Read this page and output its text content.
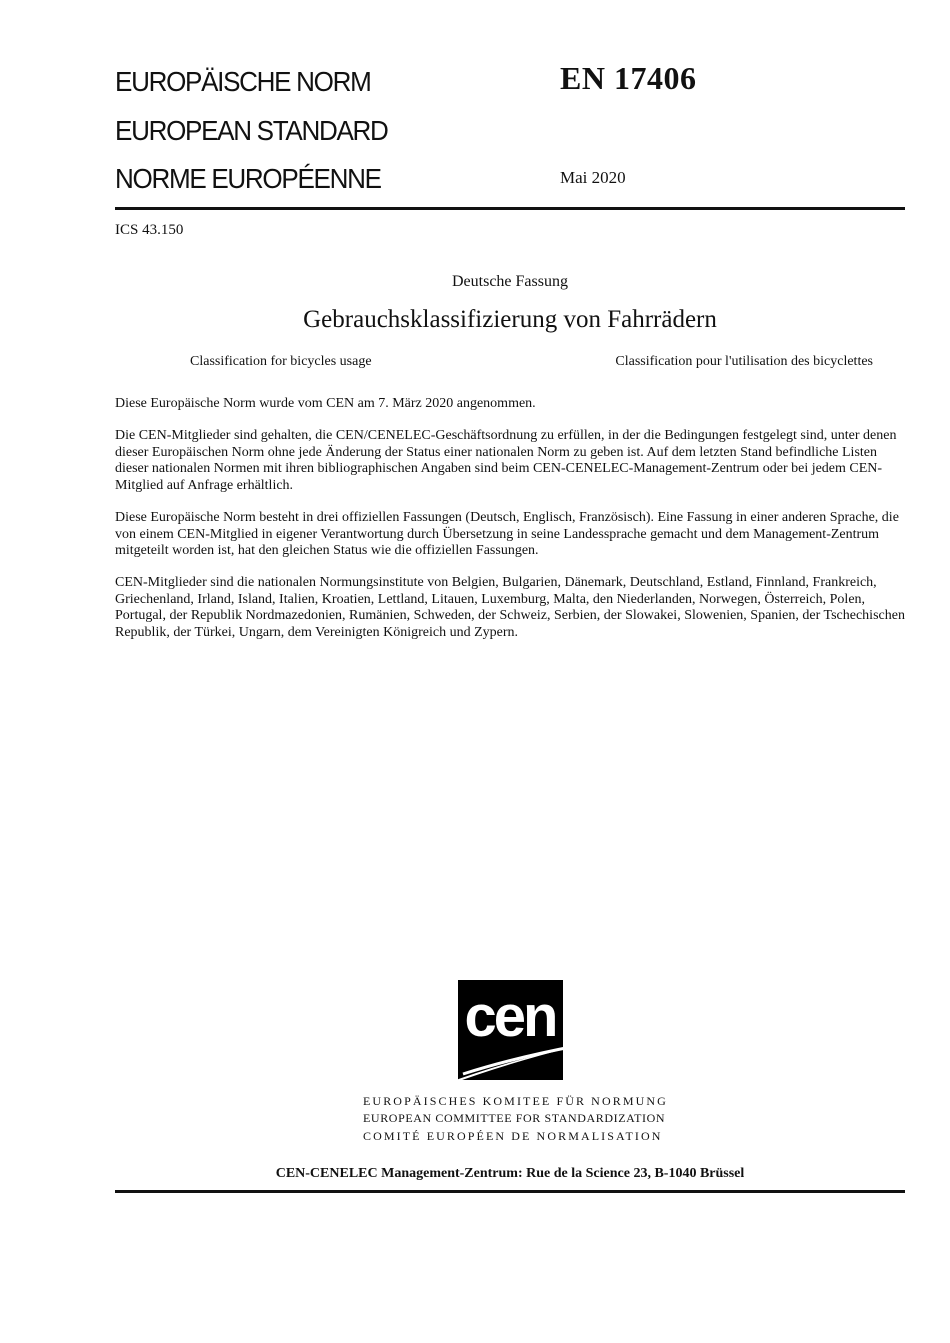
EUROPÄISCHE NORM
EUROPEAN STANDARD
NORME EUROPÉENNE
EN 17406
Mai 2020
ICS 43.150
Deutsche Fassung
Gebrauchsklassifizierung von Fahrrädern
Classification for bicycles usage	Classification pour l'utilisation des bicyclettes

Diese Europäische Norm wurde vom CEN am 7. März 2020 angenommen.

Die CEN-Mitglieder sind gehalten, die CEN/CENELEC-Geschäftsordnung zu erfüllen, in der die Bedingungen festgelegt sind, unter denen dieser Europäischen Norm ohne jede Änderung der Status einer nationalen Norm zu geben ist. Auf dem letzten Stand befindliche Listen dieser nationalen Normen mit ihren bibliographischen Angaben sind beim CEN-CENELEC-Management-Zentrum oder bei jedem CEN-Mitglied auf Anfrage erhältlich.

Diese Europäische Norm besteht in drei offiziellen Fassungen (Deutsch, Englisch, Französisch). Eine Fassung in einer anderen Sprache, die von einem CEN-Mitglied in eigener Verantwortung durch Übersetzung in seine Landessprache gemacht und dem Management-Zentrum mitgeteilt worden ist, hat den gleichen Status wie die offiziellen Fassungen.

CEN-Mitglieder sind die nationalen Normungsinstitute von Belgien, Bulgarien, Dänemark, Deutschland, Estland, Finnland, Frankreich, Griechenland, Irland, Island, Italien, Kroatien, Lettland, Litauen, Luxemburg, Malta, den Niederlanden, Norwegen, Österreich, Polen, Portugal, der Republik Nordmazedonien, Rumänien, Schweden, der Schweiz, Serbien, der Slowakei, Slowenien, Spanien, der Tschechischen Republik, der Türkei, Ungarn, dem Vereinigten Königreich und Zypern.

cen
EUROPÄISCHES KOMITEE FÜR NORMUNG
EUROPEAN COMMITTEE FOR STANDARDIZATION
COMITÉ EUROPÉEN DE NORMALISATION
CEN-CENELEC Management-Zentrum: Rue de la Science 23, B-1040 Brüssel
